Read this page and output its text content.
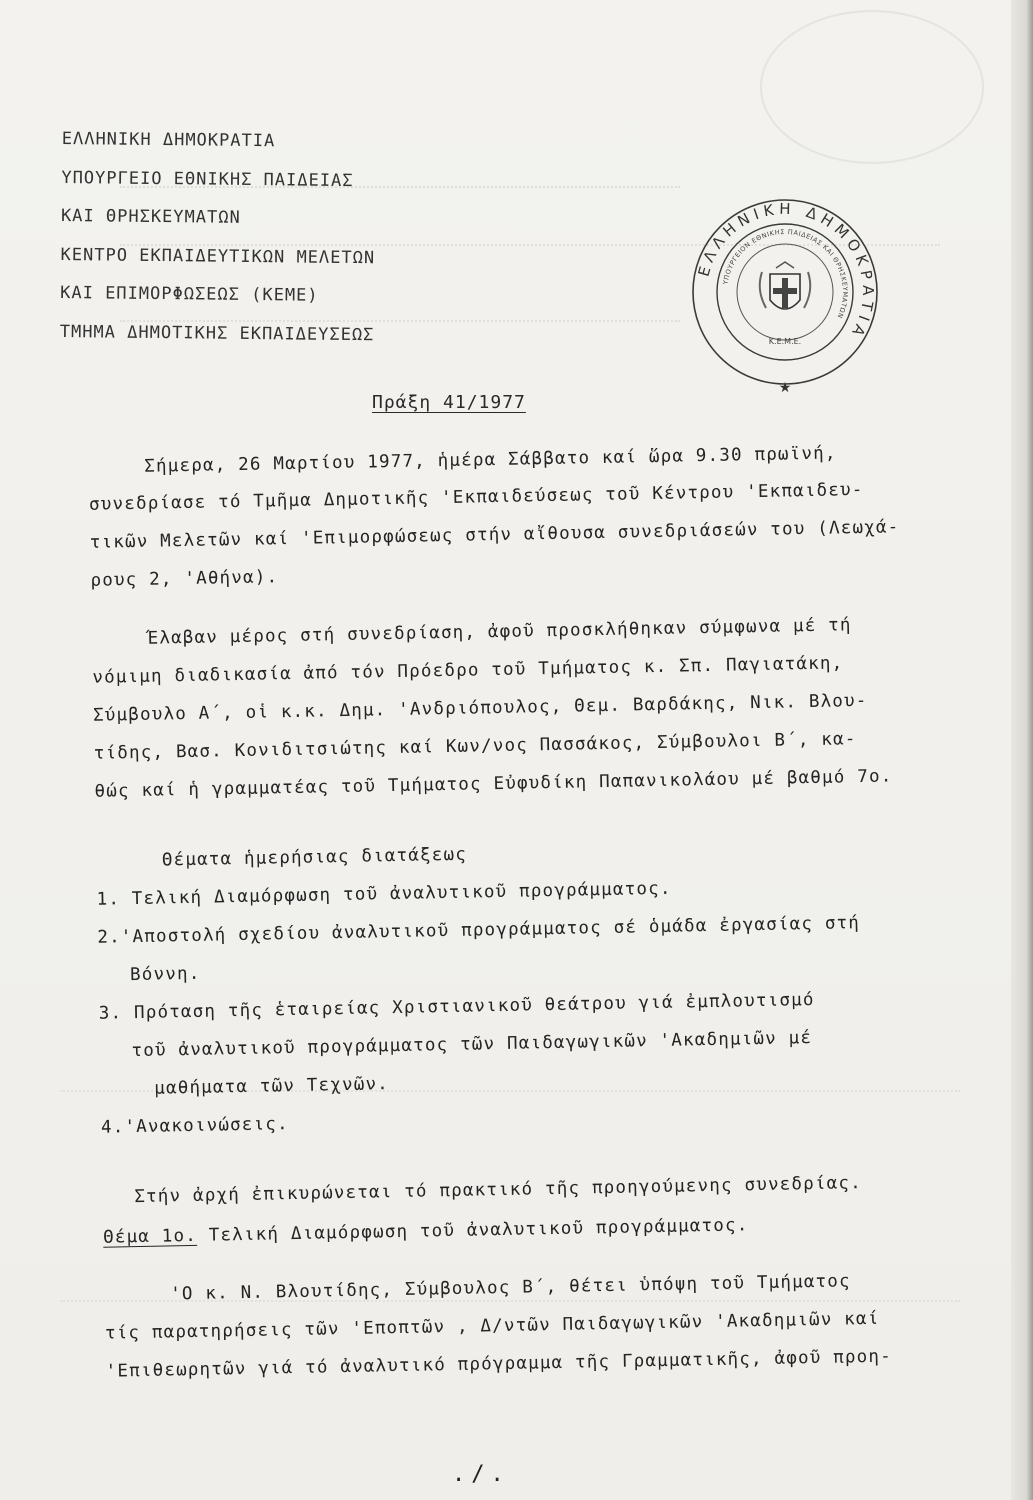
ΕΛΛΗΝΙΚΗ ΔΗΜΟΚΡΑΤΙΑ
ΥΠΟΥΡΓΕΙΟ ΕΘΝΙΚΗΣ ΠΑΙΔΕΙΑΣ
ΚΑΙ ΘΡΗΣΚΕΥΜΑΤΩΝ
ΚΕΝΤΡΟ ΕΚΠΑΙΔΕΥΤΙΚΩΝ ΜΕΛΕΤΩΝ
ΚΑΙ ΕΠΙΜΟΡΦΩΣΕΩΣ (ΚΕΜΕ)
ΤΜΗΜΑ ΔΗΜΟΤΙΚΗΣ ΕΚΠΑΙΔΕΥΣΕΩΣ
ΕΛΛΗΝΙΚΗ ΔΗΜΟΚΡΑΤΙΑ
ΥΠΟΥΡΓΕΙΟΝ ΕΘΝΙΚΗΣ ΠΑΙΔΕΙΑΣ ΚΑΙ ΘΡΗΣΚΕΥΜΑΤΩΝ
Κ.Ε.Μ.Ε.
★
Πράξη 41/1977
Σήμερα, 26 Μαρτίου 1977, ἡμέρα Σάββατο καί ὥρα 9.30 πρωϊνή,
συνεδρίασε τό Τμῆμα Δημοτικῆς 'Εκπαιδεύσεως τοῦ Κέντρου 'Εκπαιδευ-
τικῶν Μελετῶν καί 'Επιμορφώσεως στήν αἴθουσα συνεδριάσεών του (Λεωχά-
ρους 2, 'Αθήνα).
Έλαβαν μέρος στή συνεδρίαση, ἀφοῦ προσκλήθηκαν σύμφωνα μέ τή
νόμιμη διαδικασία ἀπό τόν Πρόεδρο τοῦ Τμήματος κ. Σπ. Παγιατάκη,
Σύμβουλο Α΄, οἱ κ.κ. Δημ. 'Ανδριόπουλος, Θεμ. Βαρδάκης, Νικ. Βλου-
τίδης, Βασ. Κονιδιτσιώτης καί Κων/νος Πασσάκος, Σύμβουλοι Β΄, κα-
θώς καί ἡ γραμματέας τοῦ Τμήματος Εὐφυδίκη Παπανικολάου μέ βαθμό 7ο.
Θέματα ἡμερήσιας διατάξεως
1. Τελική Διαμόρφωση τοῦ ἀναλυτικοῦ προγράμματος.
2.'Αποστολή σχεδίου ἀναλυτικοῦ προγράμματος σέ ὁμάδα ἐργασίας στή
Βόννη.
3. Πρόταση τῆς ἑταιρείας Χριστιανικοῦ θεάτρου γιά ἐμπλουτισμό
τοῦ ἀναλυτικοῦ προγράμματος τῶν Παιδαγωγικῶν 'Ακαδημιῶν μέ
μαθήματα τῶν Τεχνῶν.
4.'Ανακοινώσεις.
Στήν ἀρχή ἐπικυρώνεται τό πρακτικό τῆς προηγούμενης συνεδρίας.
Θέμα 1ο. Τελική Διαμόρφωση τοῦ ἀναλυτικοῦ προγράμματος.
'Ο κ. Ν. Βλουτίδης, Σύμβουλος Β΄, θέτει ὑπόψη τοῦ Τμήματος
τίς παρατηρήσεις τῶν 'Εποπτῶν , Δ/ντῶν Παιδαγωγικῶν 'Ακαδημιῶν καί
'Επιθεωρητῶν γιά τό ἀναλυτικό πρόγραμμα τῆς Γραμματικῆς, ἀφοῦ προη-
./.
